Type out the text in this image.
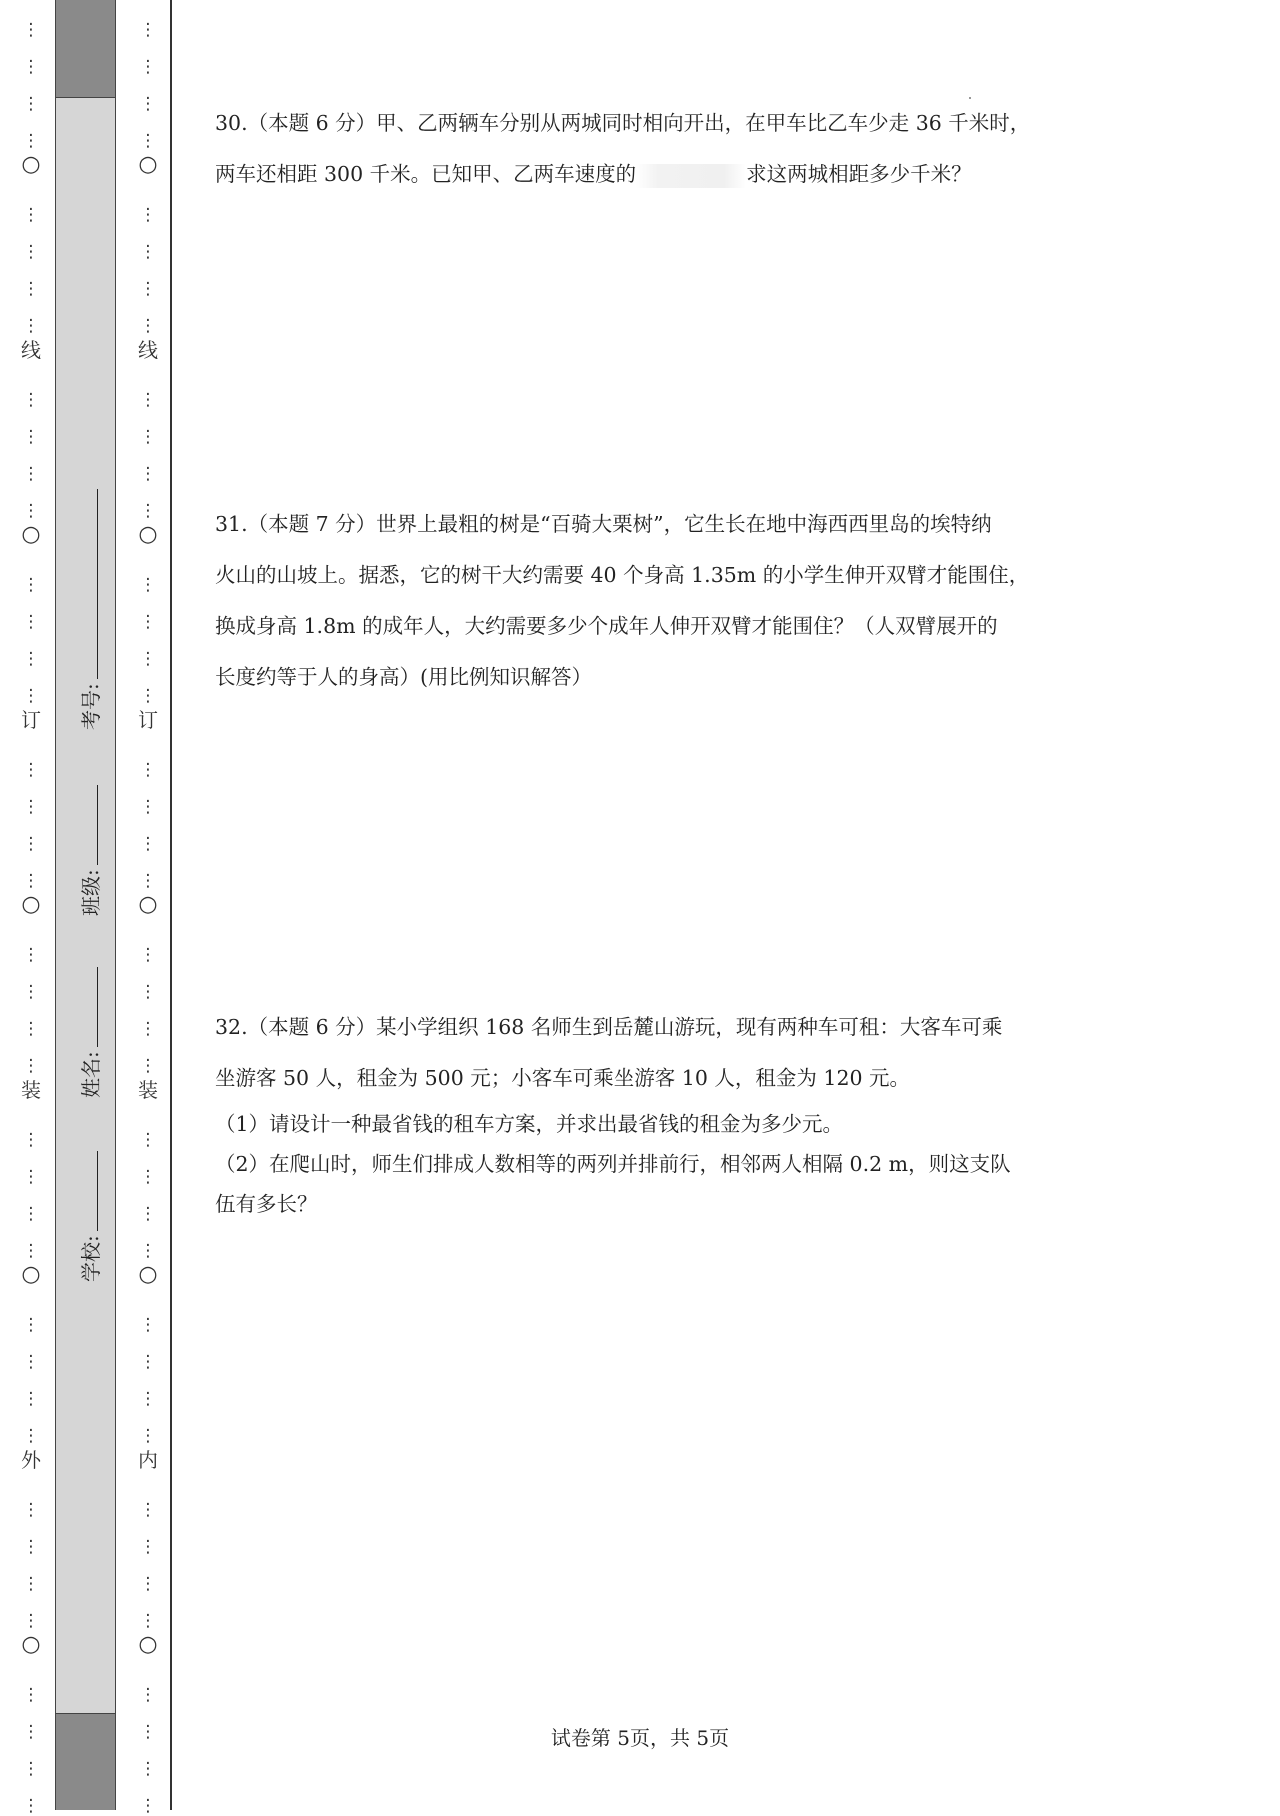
⋮
⋮
⋮
⋮
⋮
⋮
⋮
⋮
⋮
⋮
⋮
⋮
⋮
⋮
⋮
⋮
⋮
⋮
⋮
⋮
⋮
⋮
⋮
⋮
⋮
⋮
⋮
⋮
⋮
⋮
⋮
⋮
⋮
⋮
⋮
⋮
⋮
⋮
⋮
⋮
○
○
○
○
○
线
订
装
外
⋮
⋮
⋮
⋮
⋮
⋮
⋮
⋮
⋮
⋮
⋮
⋮
⋮
⋮
⋮
⋮
⋮
⋮
⋮
⋮
⋮
⋮
⋮
⋮
⋮
⋮
⋮
⋮
⋮
⋮
⋮
⋮
⋮
⋮
⋮
⋮
⋮
⋮
⋮
⋮
○
○
○
○
○
线
订
装
内
学校:
姓名:
班级:
考号:
30.（本题 6 分）甲、乙两辆车分别从两城同时相向开出，在甲车比乙车少走 36 千米时，
两车还相距 300 千米。已知甲、乙两车速度的	求这两城相距多少千米？
31.（本题 7 分）世界上最粗的树是“百骑大栗树”，它生长在地中海西西里岛的埃特纳
火山的山坡上。据悉，它的树干大约需要 40 个身高 1.35m 的小学生伸开双臂才能围住，
换成身高 1.8m 的成年人，大约需要多少个成年人伸开双臂才能围住？（人双臂展开的
长度约等于人的身高）(用比例知识解答）
32.（本题 6 分）某小学组织 168 名师生到岳麓山游玩，现有两种车可租：大客车可乘
坐游客 50 人，租金为 500 元；小客车可乘坐游客 10 人，租金为 120 元。
（1）请设计一种最省钱的租车方案，并求出最省钱的租金为多少元。
（2）在爬山时，师生们排成人数相等的两列并排前行，相邻两人相隔 0.2 m，则这支队
伍有多长？
试卷第 5页，共 5页
